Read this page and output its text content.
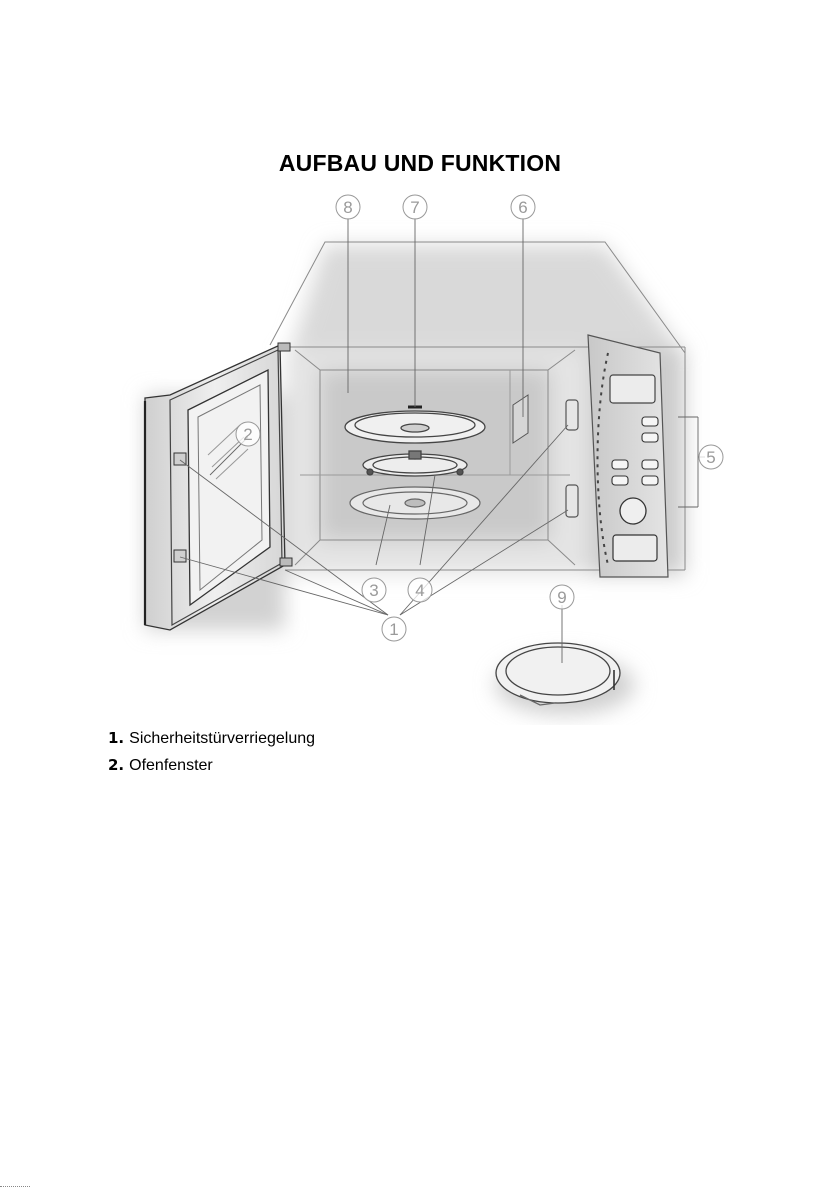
AUFBAU UND FUNKTION
8	7	6
5
2
3 4
1
9
1. Sicherheitstürverriegelung
2. Ofenfenster
